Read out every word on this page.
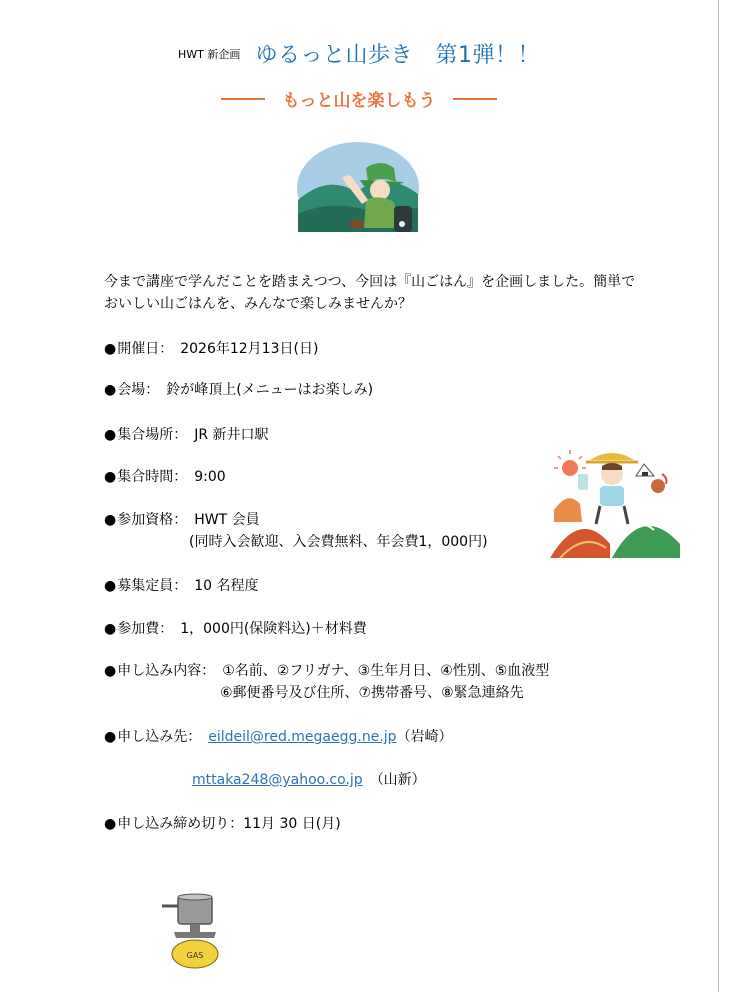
HWT 新企画 ゆるっと山歩き　第1弾！！
もっと山を楽しもう
今まで講座で学んだことを踏まえつつ、今回は『山ごはん』を企画しました。簡単で
おいしい山ごはんを、みんなで楽しみませんか？
●開催日：  2026年12月13日(日)
●会場：  鈴が峰頂上(メニューはお楽しみ)
●集合場所：  JR 新井口駅
●集合時間：  9:00
●参加資格：  HWT 会員
(同時入会歓迎、入会費無料、年会費1，000円)
●募集定員：  10 名程度
●参加費：  1，000円(保険料込)＋材料費
●申し込み内容：  ①名前、②フリガナ、③生年月日、④性別、⑤血液型
⑥郵便番号及び住所、⑦携帯番号、⑧緊急連絡先
●申し込み先：  eildeil@red.megaegg.ne.jp（岩崎）
mttaka248@yahoo.co.jp  （山新）
●申し込み締め切り：11月 30 日(月)
GAS
